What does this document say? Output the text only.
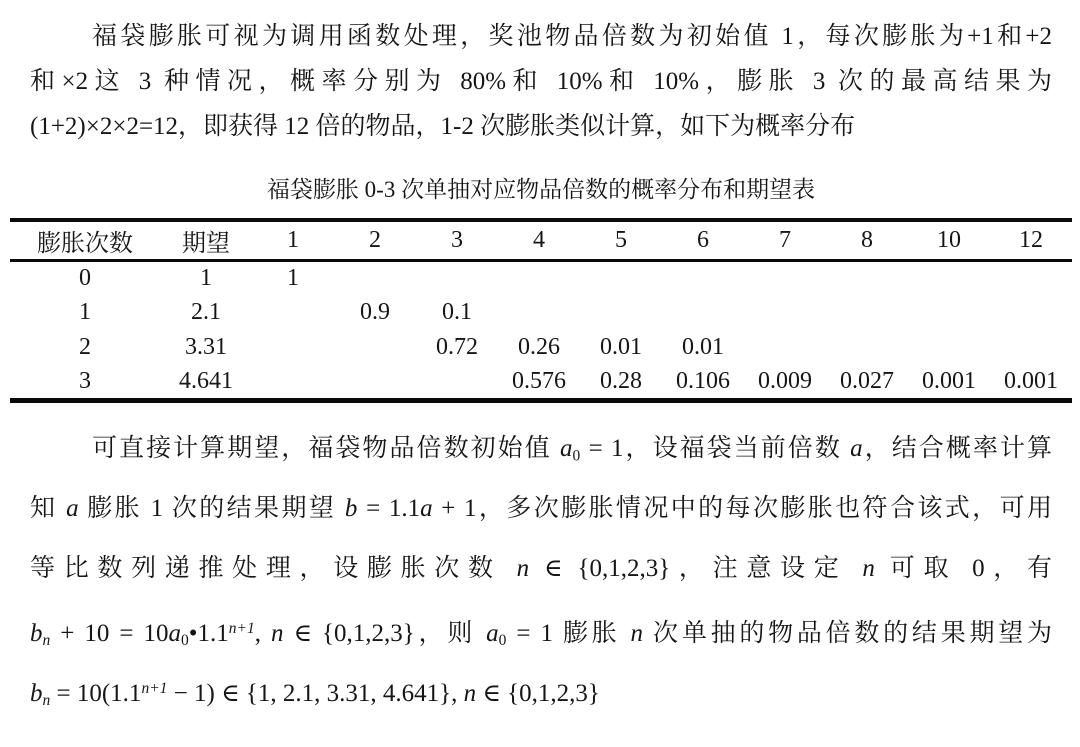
福袋膨胀可视为调用函数处理，奖池物品倍数为初始值 1，每次膨胀为+1和+2
和×2这 3 种情况，概率分别为 80%和 10%和 10%，膨胀 3 次的最高结果为
(1+2)×2×2=12，即获得 12 倍的物品，1-2 次膨胀类似计算，如下为概率分布
福袋膨胀 0-3 次单抽对应物品倍数的概率分布和期望表
膨胀次数	期望	1	2	3	4	5	6	7	8	10	12
0	1	1									
1	2.1		0.9	0.1							
2	3.31			0.72	0.26	0.01	0.01				
3	4.641				0.576	0.28	0.106	0.009	0.027	0.001	0.001
可直接计算期望，福袋物品倍数初始值 a0 = 1，设福袋当前倍数 a，结合概率计算
知 a 膨胀 1 次的结果期望 b = 1.1a + 1，多次膨胀情况中的每次膨胀也符合该式，可用
等比数列递推处理，设膨胀次数 n ∈ {0,1,2,3}，注意设定 n 可取 0，有
bn + $10 = 10a0•1.1^{n+1}$, n ∈ {0,1,2,3}，则 a0 = 1 膨胀 n 次单抽的物品倍数的结果期望为
bn = $10(1.1^{n+1} - 1)$ ∈ {1, 2.1, 3.31, 4.641}, n ∈ {0,1,2,3}
